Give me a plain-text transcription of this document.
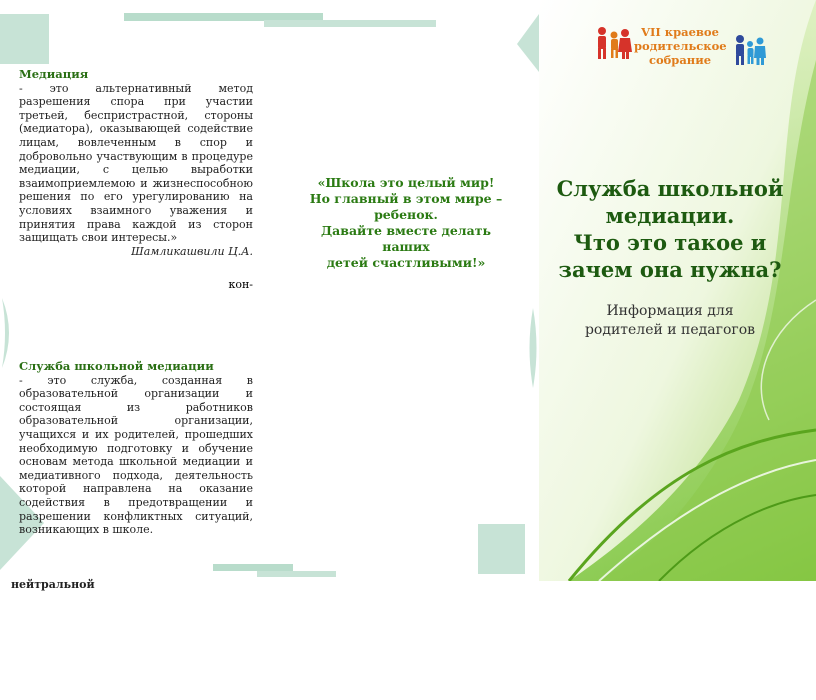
Медиация

- это альтернативный метод разрешения спора при участии третьей, беспристрастной, стороны (медиатора), оказывающей содействие лицам, вовлеченным в спор и добровольно участвующим в процедуре медиации, с целью выработки взаимоприемлемою и жизнеспособною решения по его урегулированию на условиях взаимного уважения и принятия права каждой из сторон защищать свои интересы.»

Шамликашвили Ц.А.

кон-

Служба школьной медиации

- это служба, созданная в образовательной организации и состоящая из работников образовательной организации, учащихся и их родителей, прошедших необходимую подготовку и обучение основам метода школьной медиации и медиативного подхода, деятельность которой направлена на оказание содействия в предотвращении и разрешении конфликтных ситуаций, возникающих в школе.

нейтральной
«Школа это целый мир!
Но главный в этом мире –
ребенок.
Давайте вместе делать наших
детей счастливыми!»
VII краевое
родительское
собрание
Служба школьной
медиации.
Что это такое и
зачем она нужна?
Информация для
родителей и педагогов
